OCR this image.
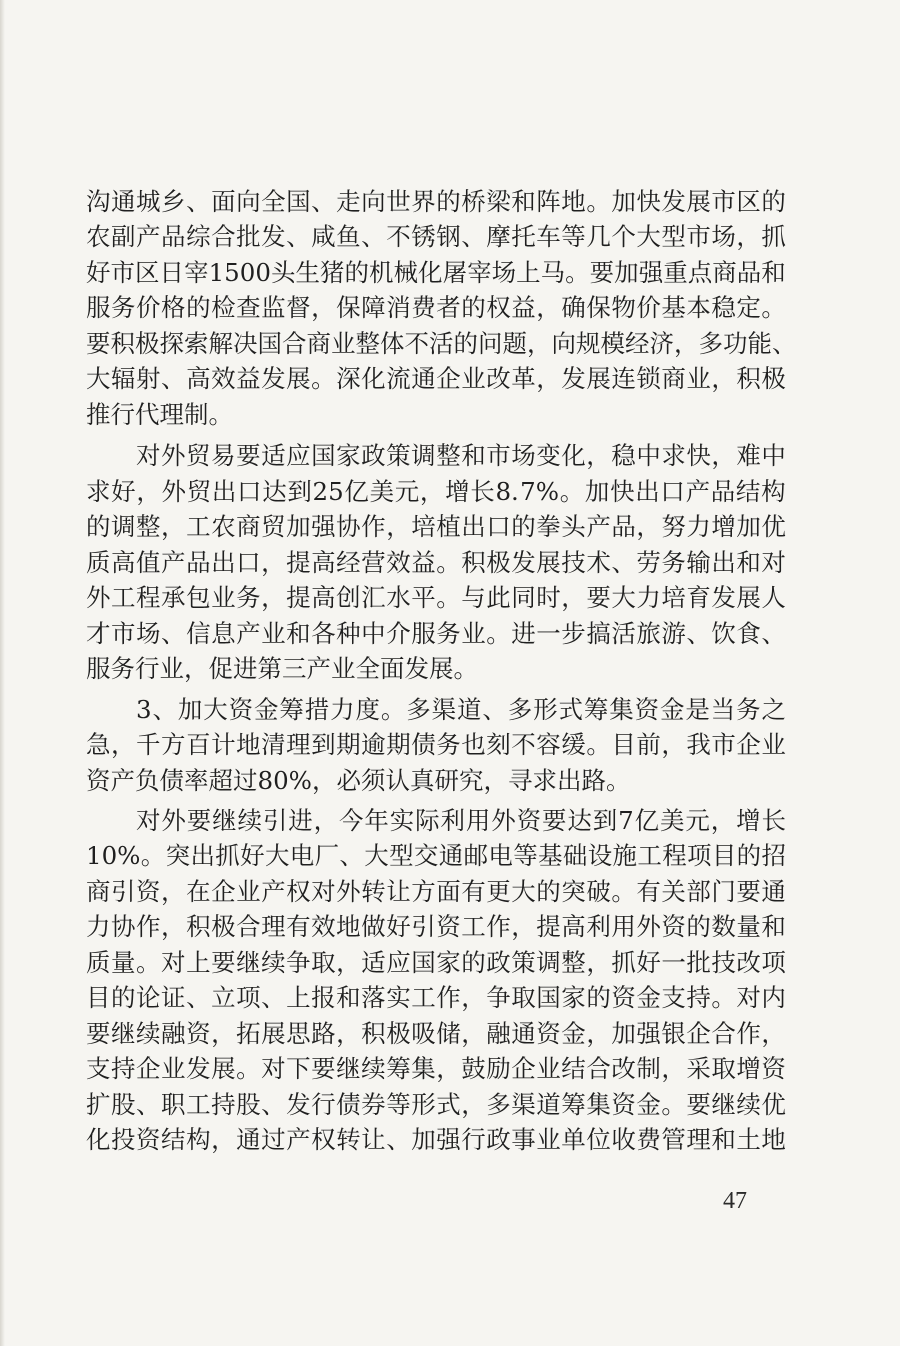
沟 通 城 乡 、 面 向 全 国 、 走 向 世 界 的 桥 梁 和 阵 地 。 加 快 发 展 市 区 的
农 副 产 品 综 合 批 发 、 咸 鱼 、 不 锈 钢 、 摩 托 车 等 几 个 大 型 市 场 ， 抓
好 市 区 日 宰 1500 头 生 猪 的 机 械 化 屠 宰 场 上 马 。 要 加 强 重 点 商 品 和
服 务 价 格 的 检 查 监 督 ， 保 障 消 费 者 的 权 益 ， 确 保 物 价 基 本 稳 定 。
要 积 极 探 索 解 决 国 合 商 业 整 体 不 活 的 问 题 ， 向 规 模 经 济 ， 多 功 能 、
大 辐 射 、 高 效 益 发 展 。 深 化 流 通 企 业 改 革 ， 发 展 连 锁 商 业 ， 积 极
推行代理制。
对 外 贸 易 要 适 应 国 家 政 策 调 整 和 市 场 变 化 ， 稳 中 求 快 ， 难 中
求 好 ， 外 贸 出 口 达 到 25 亿 美 元 ， 增 长 8. 7% 。 加 快 出 口 产 品 结 构
的 调 整 ， 工 农 商 贸 加 强 协 作 ， 培 植 出 口 的 拳 头 产 品 ， 努 力 增 加 优
质 高 值 产 品 出 口 ， 提 高 经 营 效 益 。 积 极 发 展 技 术 、 劳 务 输 出 和 对
外 工 程 承 包 业 务 ， 提 高 创 汇 水 平 。 与 此 同 时 ， 要 大 力 培 育 发 展 人
才 市 场 、 信 息 产 业 和 各 种 中 介 服 务 业 。 进 一 步 搞 活 旅 游 、 饮 食 、
服务行业，促进第三产业全面发展。
3 、 加 大 资 金 筹 措 力 度 。 多 渠 道 、 多 形 式 筹 集 资 金 是 当 务 之
急 ， 千 方 百 计 地 清 理 到 期 逾 期 债 务 也 刻 不 容 缓 。 目 前 ， 我 市 企 业
资产负债率超过80%，必须认真研究，寻求出路。
对 外 要 继 续 引 进 ， 今 年 实 际 利 用 外 资 要 达 到 7 亿 美 元 ， 增 长
10% 。 突 出 抓 好 大 电 厂 、 大 型 交 通 邮 电 等 基 础 设 施 工 程 项 目 的 招
商 引 资 ， 在 企 业 产 权 对 外 转 让 方 面 有 更 大 的 突 破 。 有 关 部 门 要 通
力 协 作 ， 积 极 合 理 有 效 地 做 好 引 资 工 作 ， 提 高 利 用 外 资 的 数 量 和
质 量 。 对 上 要 继 续 争 取 ， 适 应 国 家 的 政 策 调 整 ， 抓 好 一 批 技 改 项
目 的 论 证 、 立 项 、 上 报 和 落 实 工 作 ， 争 取 国 家 的 资 金 支 持 。 对 内
要 继 续 融 资 ， 拓 展 思 路 ， 积 极 吸 储 ， 融 通 资 金 ， 加 强 银 企 合 作 ，
支 持 企 业 发 展 。 对 下 要 继 续 筹 集 ， 鼓 励 企 业 结 合 改 制 ， 采 取 增 资
扩 股 、 职 工 持 股 、 发 行 债 券 等 形 式 ， 多 渠 道 筹 集 资 金 。 要 继 续 优
化 投 资 结 构 ， 通 过 产 权 转 让 、 加 强 行 政 事 业 单 位 收 费 管 理 和 土 地
47
